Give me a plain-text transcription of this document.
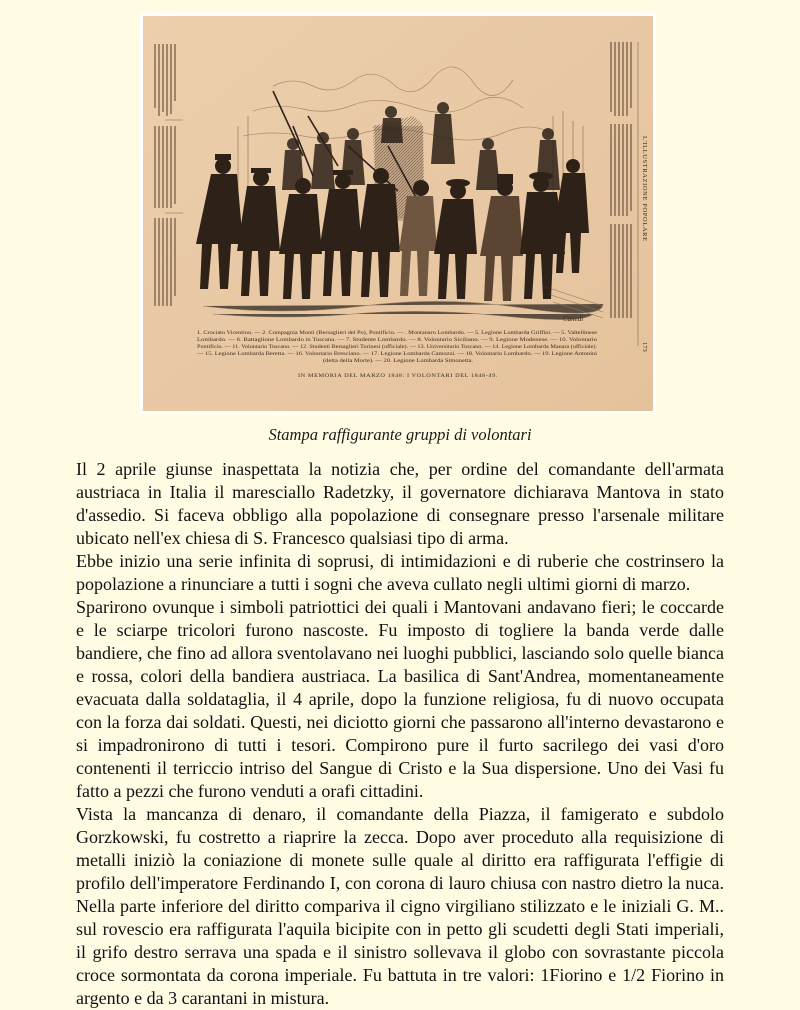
L'ILLUSTRAZIONE POPOLARE
173
Canedi
1. Crociato Vicentino. — 2. Compagnia Monti (Bersaglieri del Po), Pontificio. — . Montanaro Lombardo. — 5. Legione Lombarda Griffini. — 5. Valtellinese
Lombardo. — 6. Battaglione Lombardo in Toscana. — 7. Studente Lombardo. — 8. Volontario Siciliano. — 9. Legione Modenese. — 10. Volontario
Pontificio. — 11. Volontario Toscano. — 12. Studenti Bersaglieri Torinesi (ufficiale). — 13. Universitario Toscano. — 14. Legione Lombarda Manara (ufficiale).
— 15. Legione Lombarda Beretta. — 16. Volontario Bresciano. — 17. Legione Lombarda Camozzi. — 18. Volontario Lombardo. — 19. Legione Antonini
(detta della Morte). — 20. Legione Lombarda Simonetta.
IN MEMORIA DEL MARZO 1848: I VOLONTARI DEL 1848-49.
Stampa raffigurante gruppi di volontari

Il 2 aprile giunse inaspettata la notizia che, per ordine del comandante dell'armata austriaca in Italia il maresciallo Radetzky, il governatore dichiarava Mantova in stato d'assedio. Si faceva obbligo alla popolazione di consegnare presso l'arsenale militare ubicato nell'ex chiesa di S. Francesco qualsiasi tipo di arma.

Ebbe inizio una serie infinita di soprusi, di intimidazioni e di ruberie che costrinsero la popolazione a rinunciare a tutti i sogni che aveva cullato negli ultimi giorni di marzo.

Sparirono ovunque i simboli patriottici dei quali i Mantovani andavano fieri; le coccarde e le sciarpe tricolori furono nascoste. Fu imposto di togliere la banda verde dalle bandiere, che fino ad allora sventolavano nei luoghi pubblici, lasciando solo quelle bianca e rossa, colori della bandiera austriaca. La basilica di Sant'Andrea, momentaneamente evacuata dalla soldataglia, il 4 aprile, dopo la funzione religiosa, fu di nuovo occupata con la forza dai soldati. Questi, nei diciotto giorni che passarono all'interno devastarono e si impadronirono di tutti i tesori. Compirono pure il furto sacrilego dei vasi d'oro contenenti il terriccio intriso del Sangue di Cristo e la Sua dispersione. Uno dei Vasi fu fatto a pezzi che furono venduti a orafi cittadini.

Vista la mancanza di denaro, il comandante della Piazza, il famigerato e subdolo Gorzkowski, fu costretto a riaprire la zecca. Dopo aver proceduto alla requisizione di metalli iniziò la coniazione di monete sulle quale al diritto era raffigurata l'effigie di profilo dell'imperatore Ferdinando I, con corona di lauro chiusa con nastro dietro la nuca. Nella parte inferiore del diritto compariva il cigno virgiliano stilizzato e le iniziali G. M.. sul rovescio era raffigurata l'aquila bicipite con in petto gli scudetti degli Stati imperiali, il grifo destro serrava una spada e il sinistro sollevava il globo con sovrastante piccola croce sormontata da corona imperiale. Fu battuta in tre valori: 1Fiorino e 1/2 Fiorino in argento e da 3 carantani in mistura.
